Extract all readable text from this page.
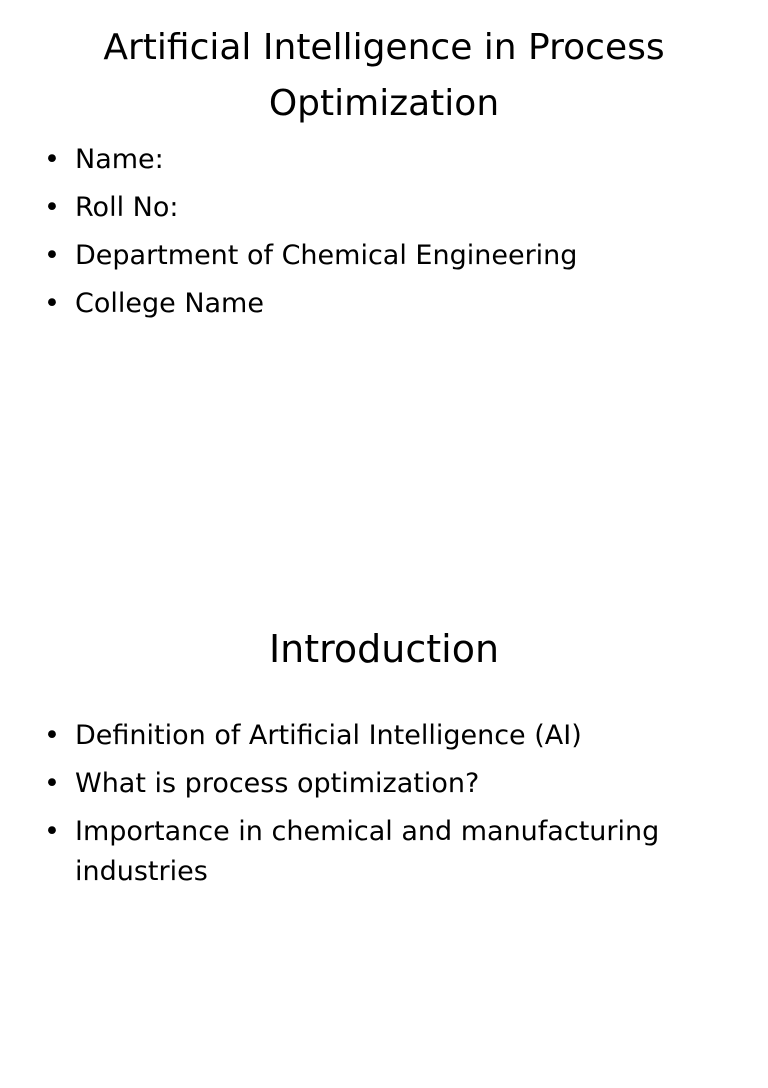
Artificial Intelligence in Process Optimization
• Name:
• Roll No:
• Department of Chemical Engineering
• College Name
Introduction
• Definition of Artificial Intelligence (AI)
• What is process optimization?
• Importance in chemical and manufacturing industries
